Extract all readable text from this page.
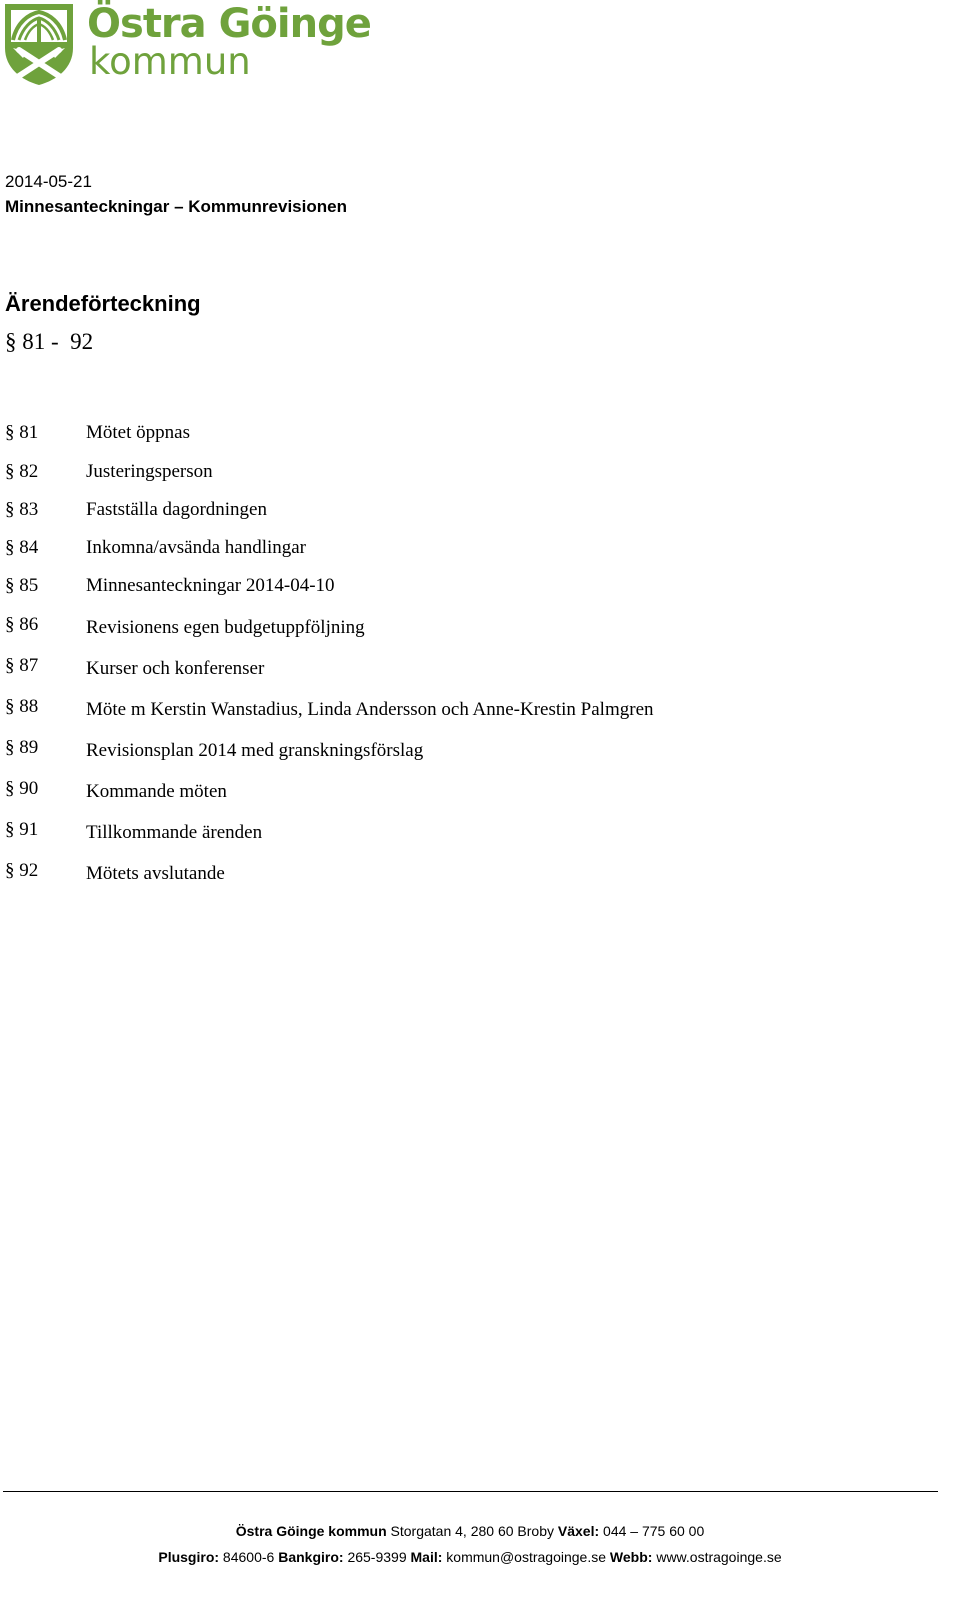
Östra Göinge
kommun
2014-05-21
Minnesanteckningar – Kommunrevisionen
Ärendeförteckning
§ 81 -  92
§ 81	Mötet öppnas
§ 82	Justeringsperson
§ 83	Fastställa dagordningen
§ 84	Inkomna/avsända handlingar
§ 85	Minnesanteckningar 2014-04-10
§ 86	Revisionens egen budgetuppföljning
§ 87	Kurser och konferenser
§ 88	Möte m Kerstin Wanstadius, Linda Andersson och Anne-Krestin Palmgren
§ 89	Revisionsplan 2014 med granskningsförslag
§ 90	Kommande möten
§ 91	Tillkommande ärenden
§ 92	Mötets avslutande
Östra Göinge kommun Storgatan 4, 280 60 Broby Växel: 044 – 775 60 00
Plusgiro: 84600-6 Bankgiro: 265-9399 Mail: kommun@ostragoinge.se Webb: www.ostragoinge.se
